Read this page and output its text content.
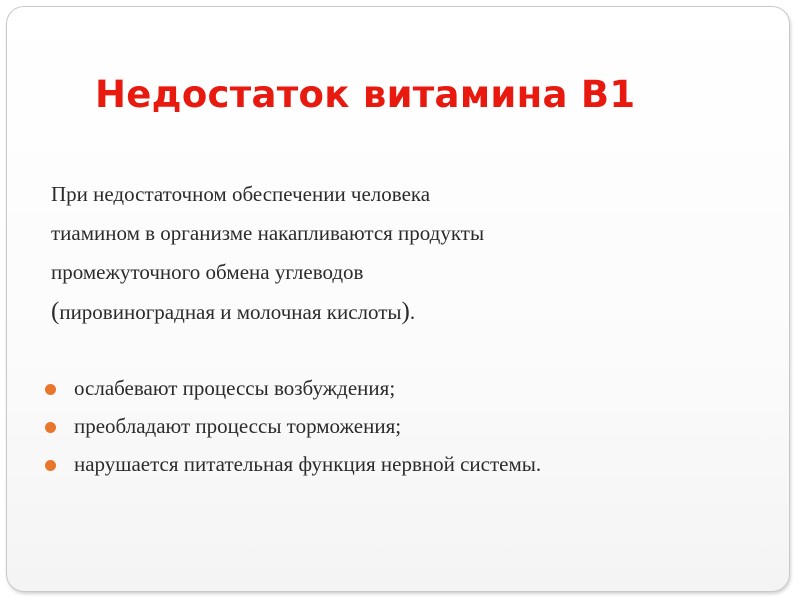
Недостаток витамина В1
При недостаточном обеспечении человека
тиамином в организме накапливаются продукты
промежуточного обмена углеводов
(пировиноградная и молочная кислоты).
ослабевают процессы возбуждения;
преобладают процессы торможения;
нарушается питательная функция нервной системы.
